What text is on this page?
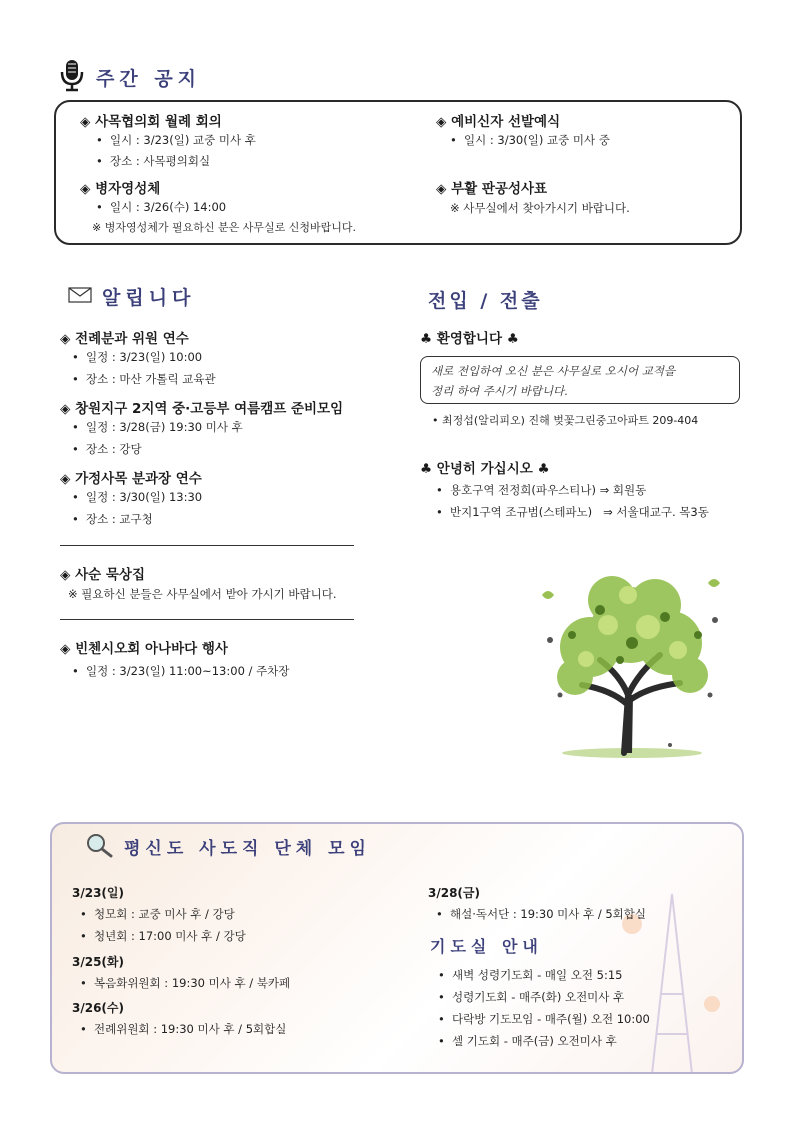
주간 공지
◈ 사목협의회 월례 회의
• 일시 : 3/23(일) 교중 미사 후
• 장소 : 사목평의회실
◈ 예비신자 선발예식
• 일시 : 3/30(일) 교중 미사 중
◈ 병자영성체
• 일시 : 3/26(수) 14:00
※ 병자영성체가 필요하신 분은 사무실로 신청바랍니다.
◈ 부활 판공성사표
※ 사무실에서 찾아가시기 바랍니다.
알립니다
◈ 전례분과 위원 연수
• 일정 : 3/23(일) 10:00
• 장소 : 마산 가톨릭 교육관
◈ 창원지구 2지역 중·고등부 여름캠프 준비모임
• 일정 : 3/28(금) 19:30 미사 후
• 장소 : 강당
◈ 가정사목 분과장 연수
• 일정 : 3/30(일) 13:30
• 장소 : 교구청
◈ 사순 묵상집
※ 필요하신 분들은 사무실에서 받아 가시기 바랍니다.
◈ 빈첸시오회 아나바다 행사
• 일정 : 3/23(일) 11:00~13:00 / 주차장
전입 / 전출
♣ 환영합니다 ♣
새로 전입하여 오신 분은 사무실로 오시어 교적을
정리 하여 주시기 바랍니다.
• 최정섭(알리피오) 진해 벚꽃그린중고아파트 209-404
♣ 안녕히 가십시오 ♣
• 용호구역 전정희(파우스티나) ⇒ 회원동
• 반지1구역 조규범(스테파노) ⇒ 서울대교구. 목3동
평신도 사도직 단체 모임
3/23(일)
• 청모회 : 교중 미사 후 / 강당
• 청년회 : 17:00 미사 후 / 강당
3/25(화)
• 복음화위원회 : 19:30 미사 후 / 북카페
3/26(수)
• 전례위원회 : 19:30 미사 후 / 5회합실
3/28(금)
• 해설·독서단 : 19:30 미사 후 / 5회합실
기도실 안내
• 새벽 성령기도회 - 매일 오전 5:15
• 성령기도회 - 매주(화) 오전미사 후
• 다락방 기도모임 - 매주(월) 오전 10:00
• 셀 기도회 - 매주(금) 오전미사 후
